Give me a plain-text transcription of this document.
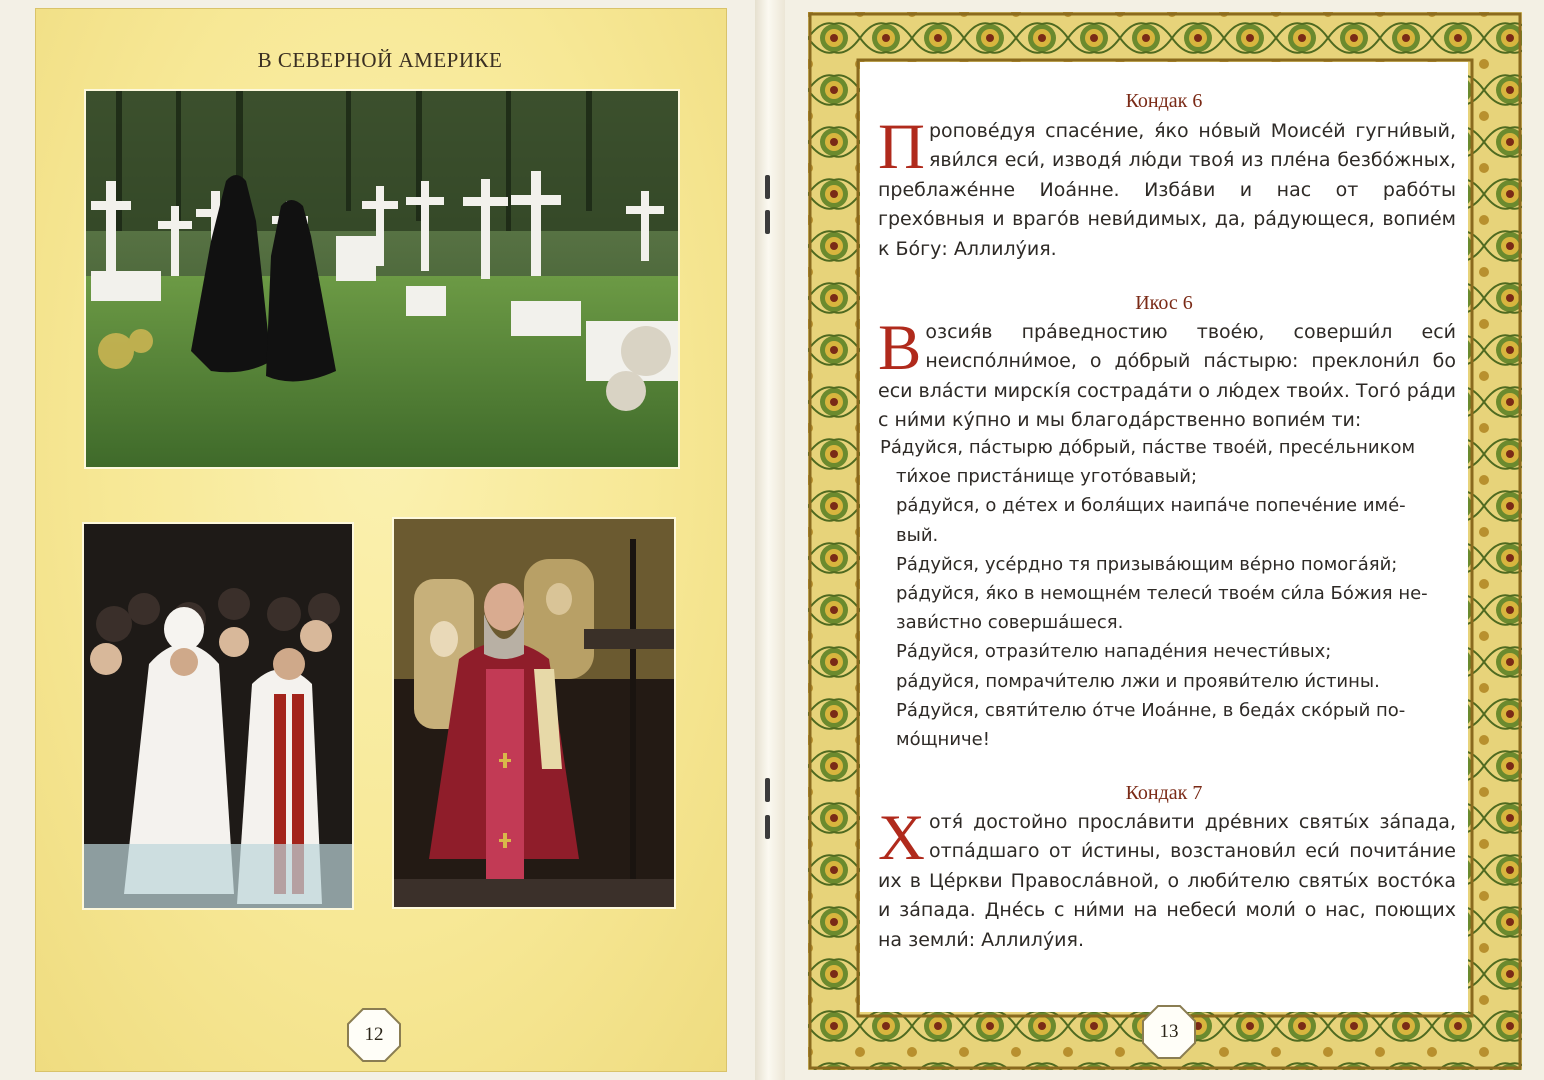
В СЕВЕРНОЙ АМЕРИКЕ
12
Кондак 6

Пропове́дуя спасе́ние, я́ко но́вый Моисе́й гугни́вый, яви́лся еси́, изводя́ лю́ди твоя́ из пле́на безбо́жных, преблаже́нне Иоа́нне. Изба́ви и нас от рабо́ты грехо́вныя и враго́в неви́димых, да, ра́дующеся, вопие́м к Бо́гу: Аллилу́ия.

Икос 6

Возсия́в пра́ведностию твое́ю, соверши́л еси́ неиспо́лни́мое, о до́брый па́стырю: преклони́л бо еси вла́сти мирскíя сострада́ти о лю́дех твои́х. Того́ ра́ди с ни́ми ку́пно и мы благода́рственно вопие́м ти:

Ра́дуйся, па́стырю до́брый, па́стве твое́й, пресе́льником
ти́хое приста́нище угото́вавый;
ра́дуйся, о де́тех и боля́щих наипа́че попече́ние име́-
вый.
Ра́дуйся, усе́рдно тя призыва́ющим ве́рно помога́яй;
ра́дуйся, я́ко в немощне́м телеси́ твое́м си́ла Бо́жия не-
зави́стно соверша́шеся.
Ра́дуйся, отрази́телю нападе́ния нечести́вых;
ра́дуйся, помрачи́телю лжи и прояви́телю и́стины.
Ра́дуйся, святи́телю о́тче Иоа́нне, в беда́х ско́рый по-
мо́щниче!
Кондак 7

Хотя́ достойно просла́вити дре́вних святы́х за́пада, отпа́дшаго от и́стины, возстанови́л еси́ почита́ние их в Це́ркви Правосла́вной, о люби́телю святы́х восто́ка и за́пада. Дне́сь с ни́ми на небеси́ моли́ о нас, поющих на земли́: Аллилу́ия.

13
